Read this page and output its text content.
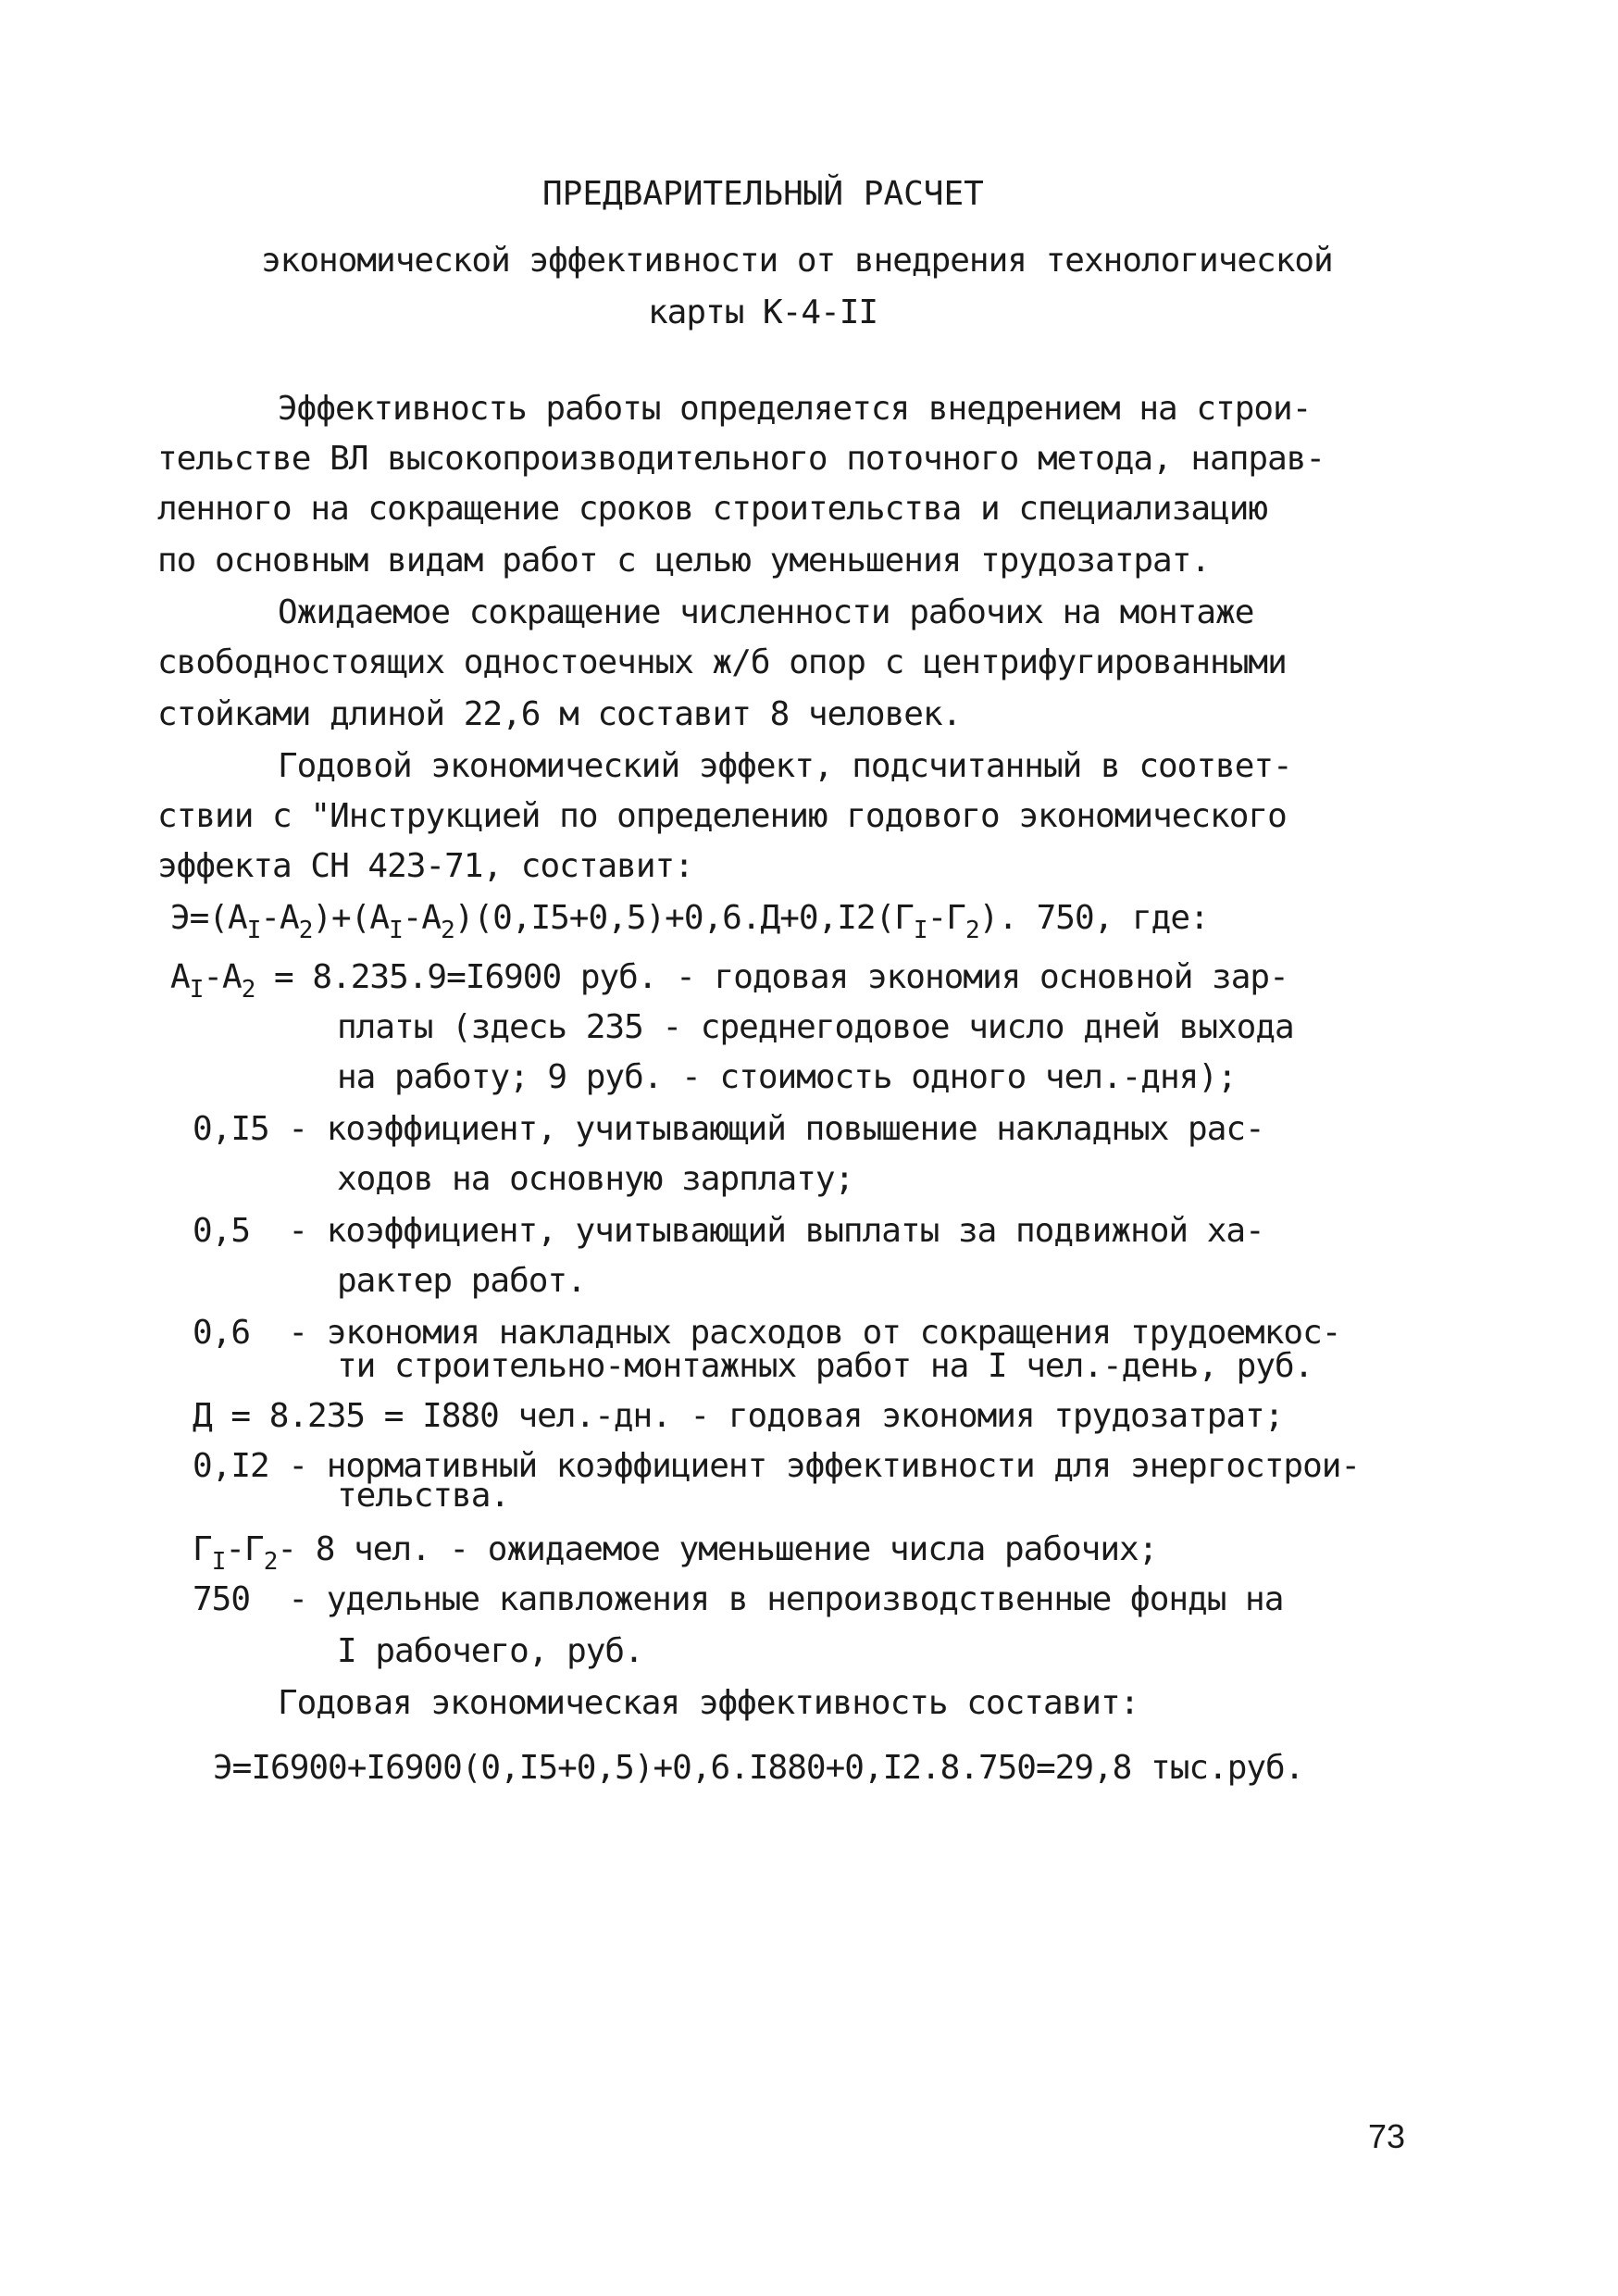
ПРЕДВАРИТЕЛЬНЫЙ РАСЧЕТ
экономической эффективности от внедрения технологической
карты К-4-II
Эффективность работы определяется внедрением на строи-
тельстве ВЛ высокопроизводительного поточного метода, направ-
ленного на сокращение сроков строительства и специализацию
по основным видам работ с целью уменьшения трудозатрат.
Ожидаемое сокращение численности рабочих на монтаже
свободностоящих одностоечных ж/б опор с центрифугированными
стойками длиной 22,6 м составит 8 человек.
Годовой экономический эффект, подсчитанный в соответ-
ствии с "Инструкцией по определению годового экономического
эффекта СН 423-71, составит:
$Э=(А_I-А_2)+(А_I-А_2)(0,I5+0,5)+0,6.Д+0,I2(Г_I-Г_2)$. 750, где:
$А_I-А_2 = 8.235.9=I6900$ руб. - годовая экономия основной зар-
платы (здесь 235 - среднегодовое число дней выхода
на работу; 9 руб. - стоимость одного чел.-дня);
0,I5 - коэффициент, учитывающий повышение накладных рас-
ходов на основную зарплату;
0,5  - коэффициент, учитывающий выплаты за подвижной ха-
рактер работ.
0,6  - экономия накладных расходов от сокращения трудоемкос-
ти строительно-монтажных работ на I чел.-день, руб.
Д = 8.235 = I880 чел.-дн. - годовая экономия трудозатрат;
0,I2 - нормативный коэффициент эффективности для энергострои-
тельства.
$Г_I-Г_2-$ 8 чел. - ожидаемое уменьшение числа рабочих;
750  - удельные капвложения в непроизводственные фонды на
I рабочего, руб.
Годовая экономическая эффективность составит:
Э=I6900+I6900(0,I5+0,5)+0,6.I880+0,I2.8.750=29,8 тыс.руб.
73
